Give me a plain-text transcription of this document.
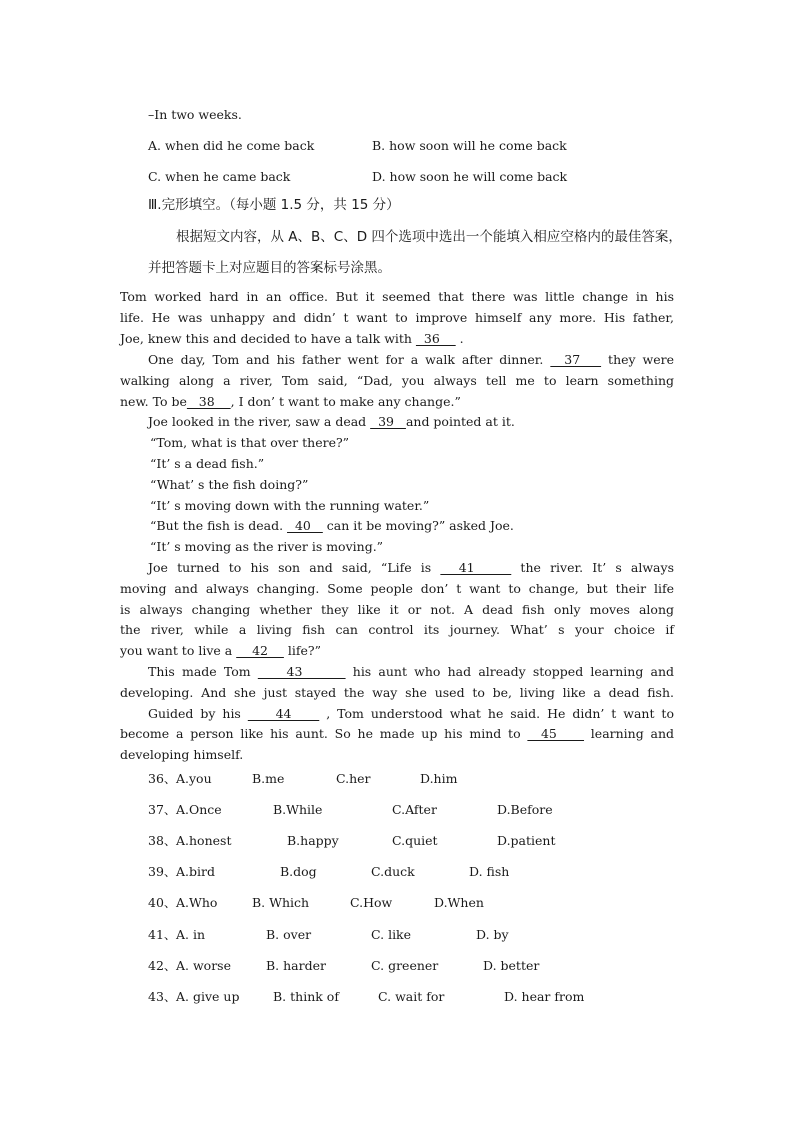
–In two weeks.
A. when did he come back	B. how soon will he come back
C. when he came back	D. how soon he will come back
Ⅲ.完形填空。（每小题 1.5 分，共 15 分）
根据短文内容，从 A、B、C、D 四个选项中选出一个能填入相应空格内的最佳答案，
并把答题卡上对应题目的答案标号涂黑。
Tom worked hard in an office. But it seemed that there was little change in his
life. He was unhappy and didn’ t want to improve himself any more. His father,
Joe, knew this and decided to have a talk with   36     .
One day, Tom and his father went for a walk after dinner.   37    they were
walking along a river, Tom said, “Dad, you always tell me to learn something
new. To be   38    , I don’ t want to make any change.”
Joe looked in the river, saw a dead   39   and pointed at it.
“Tom, what is that over there?”
“It’ s a dead fish.”
“What’ s the fish doing?”
“It’ s moving down with the running water.”
“But the fish is dead.   40    can it be moving?” asked Joe.
“It’ s moving as the river is moving.”
Joe turned to his son and said, “Life is   41     the river. It’ s always
moving and always changing. Some people don’ t want to change, but their life
is always changing whether they like it or not. A dead fish only moves along
the river, while a living fish can control its journey. What’ s your choice if
you want to live a     42     life?”
This made Tom     43       his aunt who had already stopped learning and
developing. And she just stayed the way she used to be, living like a dead fish.
Guided by his     44     , Tom understood what he said. He didn’ t want to
become a person like his aunt. So he made up his mind to   45     learning and
developing himself.
36、 A.you	B.me	C.her	D.him
37、 A.Once	B.While	C.After	D.Before
38、 A.honest	B.happy	C.quiet	D.patient
39、 A.bird	B.dog	C.duck	D. fish
40、 A.Who	B. Which	C.How	D.When
41、 A. in	B. over	C. like	D. by
42、 A. worse	B. harder	C. greener	D. better
43、 A. give up	B. think of	C. wait for	D. hear from
